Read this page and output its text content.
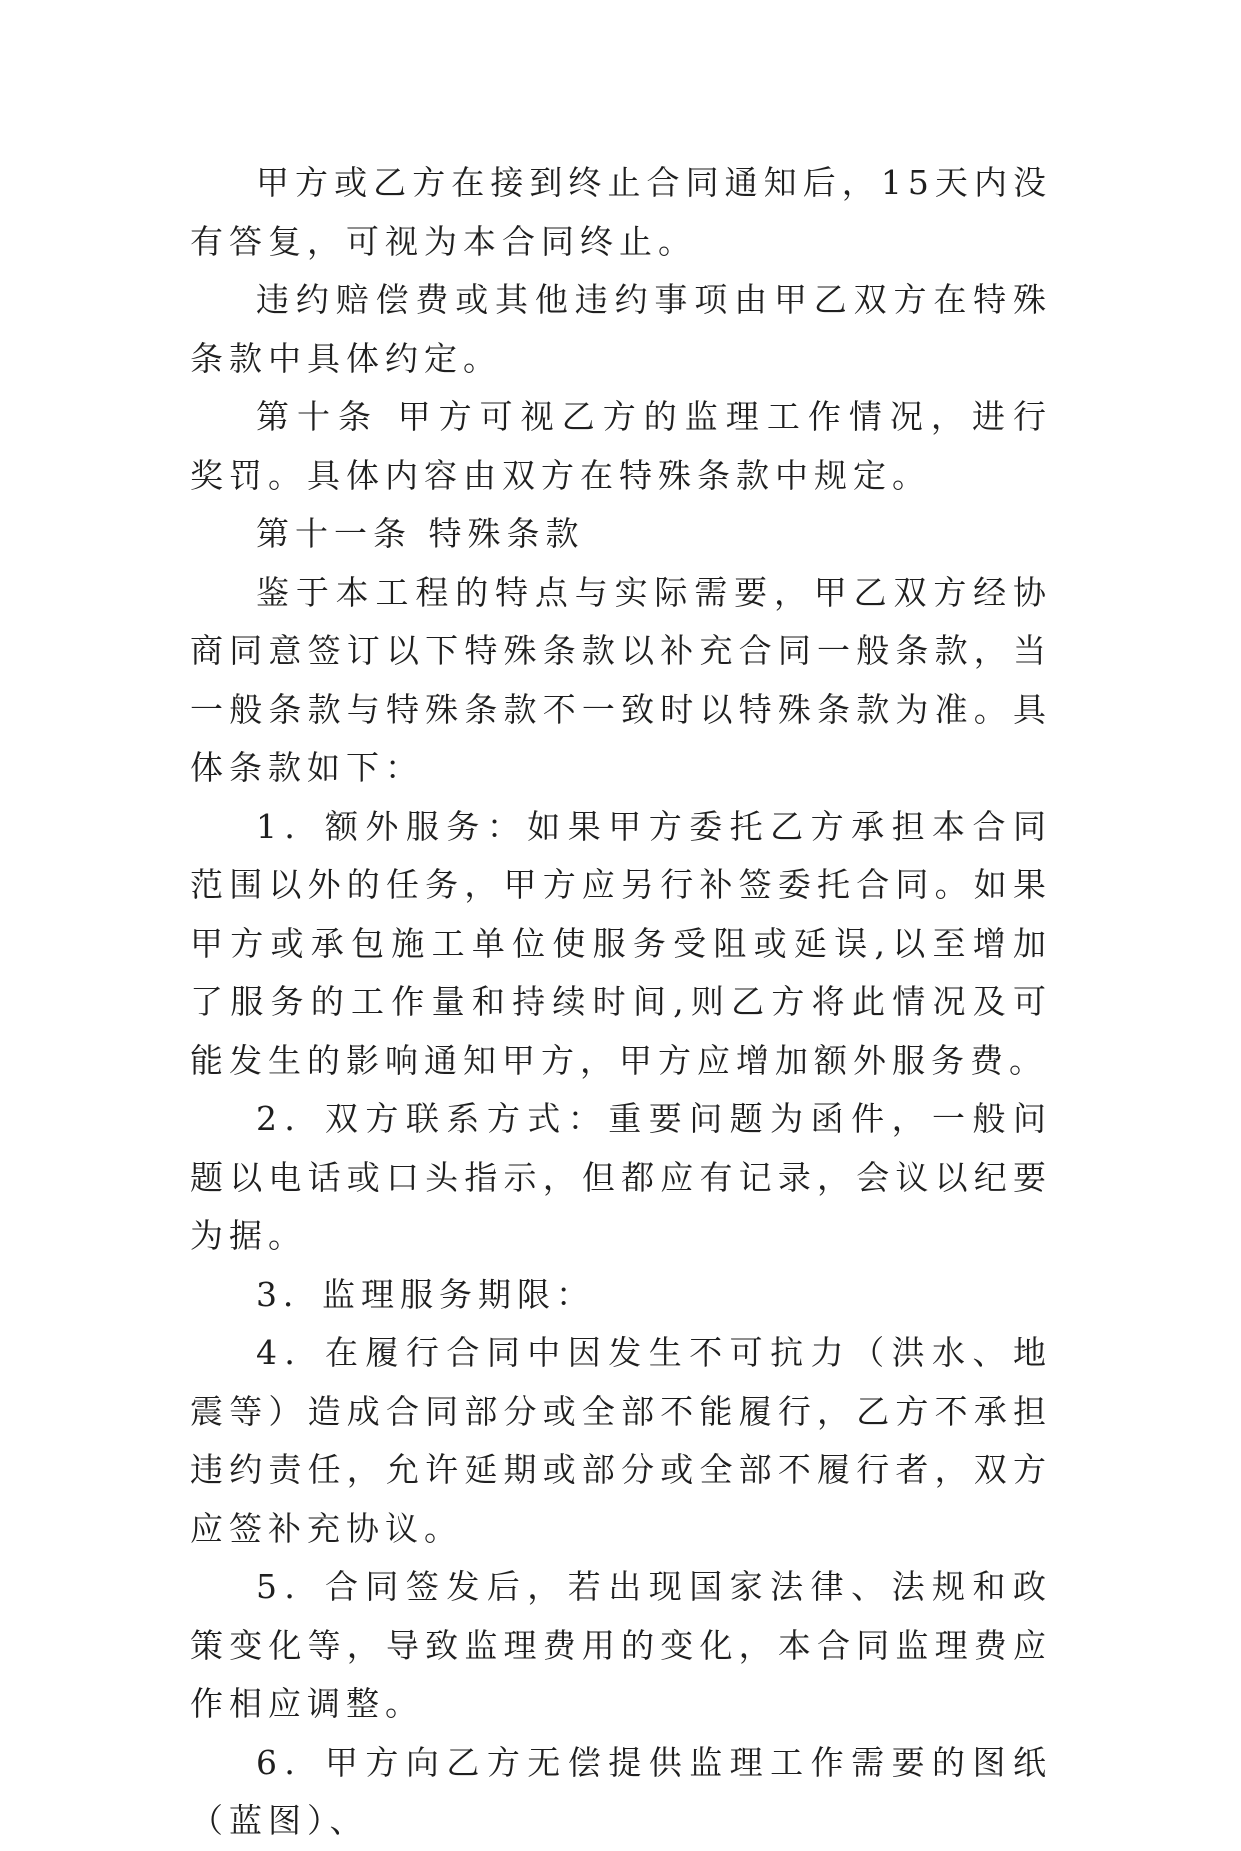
甲方或乙方在接到终止合同通知后，15天内没有答复，可视为本合同终止。

违约赔偿费或其他违约事项由甲乙双方在特殊条款中具体约定。

第十条 甲方可视乙方的监理工作情况，进行奖罚。具体内容由双方在特殊条款中规定。

第十一条 特殊条款

鉴于本工程的特点与实际需要，甲乙双方经协商同意签订以下特殊条款以补充合同一般条款，当一般条款与特殊条款不一致时以特殊条款为准。具体条款如下：

1．额外服务：如果甲方委托乙方承担本合同范围以外的任务，甲方应另行补签委托合同。如果甲方或承包施工单位使服务受阻或延误,以至增加了服务的工作量和持续时间,则乙方将此情况及可能发生的影响通知甲方，甲方应增加额外服务费。

2．双方联系方式：重要问题为函件，一般问题以电话或口头指示，但都应有记录，会议以纪要为据。

3．监理服务期限：

4．在履行合同中因发生不可抗力（洪水、地震等）造成合同部分或全部不能履行，乙方不承担违约责任，允许延期或部分或全部不履行者，双方应签补充协议。

5．合同签发后，若出现国家法律、法规和政策变化等，导致监理费用的变化，本合同监理费应作相应调整。

6．甲方向乙方无偿提供监理工作需要的图纸（蓝图）、
